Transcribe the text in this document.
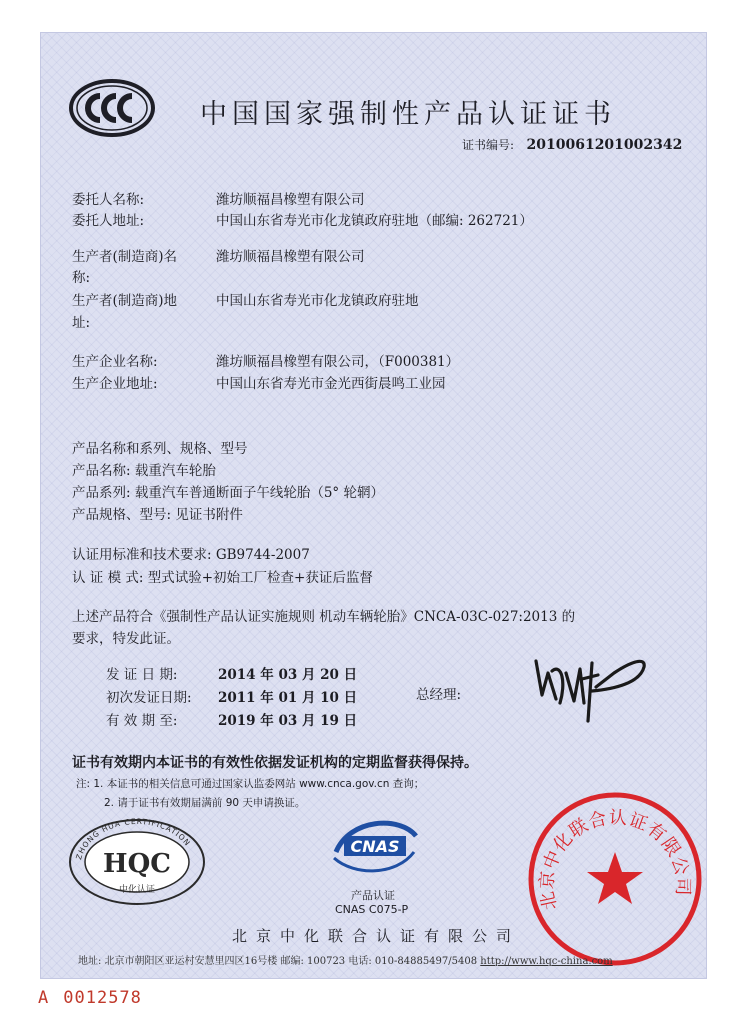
中国国家强制性产品认证证书
证书编号: 2010061201002342
委托人名称:	潍坊顺福昌橡塑有限公司
委托人地址:	中国山东省寿光市化龙镇政府驻地（邮编: 262721）
生产者(制造商)名	潍坊顺福昌橡塑有限公司
称:
生产者(制造商)地	中国山东省寿光市化龙镇政府驻地
址:
生产企业名称:	潍坊顺福昌橡塑有限公司，（F000381）
生产企业地址:	中国山东省寿光市金光西街晨鸣工业园
产品名称和系列、规格、型号
产品名称: 载重汽车轮胎
产品系列: 载重汽车普通断面子午线轮胎（5° 轮辋）
产品规格、型号: 见证书附件
认证用标准和技术要求: GB9744-2007
认 证 模 式: 型式试验+初始工厂检查+获证后监督
上述产品符合《强制性产品认证实施规则 机动车辆轮胎》CNCA-03C-027:2013 的
要求，特发此证。
发 证 日 期:	2014 年 03 月 20 日
初次发证日期: 2011 年 01 月 10 日
有 效 期 至:	2019 年 03 月 19 日
总经理:
证书有效期内本证书的有效性依据发证机构的定期监督获得保持。
注: 1. 本证书的相关信息可通过国家认监委网站 www.cnca.gov.cn 查询；
2. 请于证书有效期届满前 90 天申请换证。
ZHONG HUA CERTIFICATION
HQC
中化认证
CNAS
产品认证
CNAS C075-P	北京中化联合认证有限公司
北京中化联合认证有限公司
地址: 北京市朝阳区亚运村安慧里四区16号楼 邮编: 100723 电话: 010-84885497/5408 http://www.hqc-china.com
A 0012578
